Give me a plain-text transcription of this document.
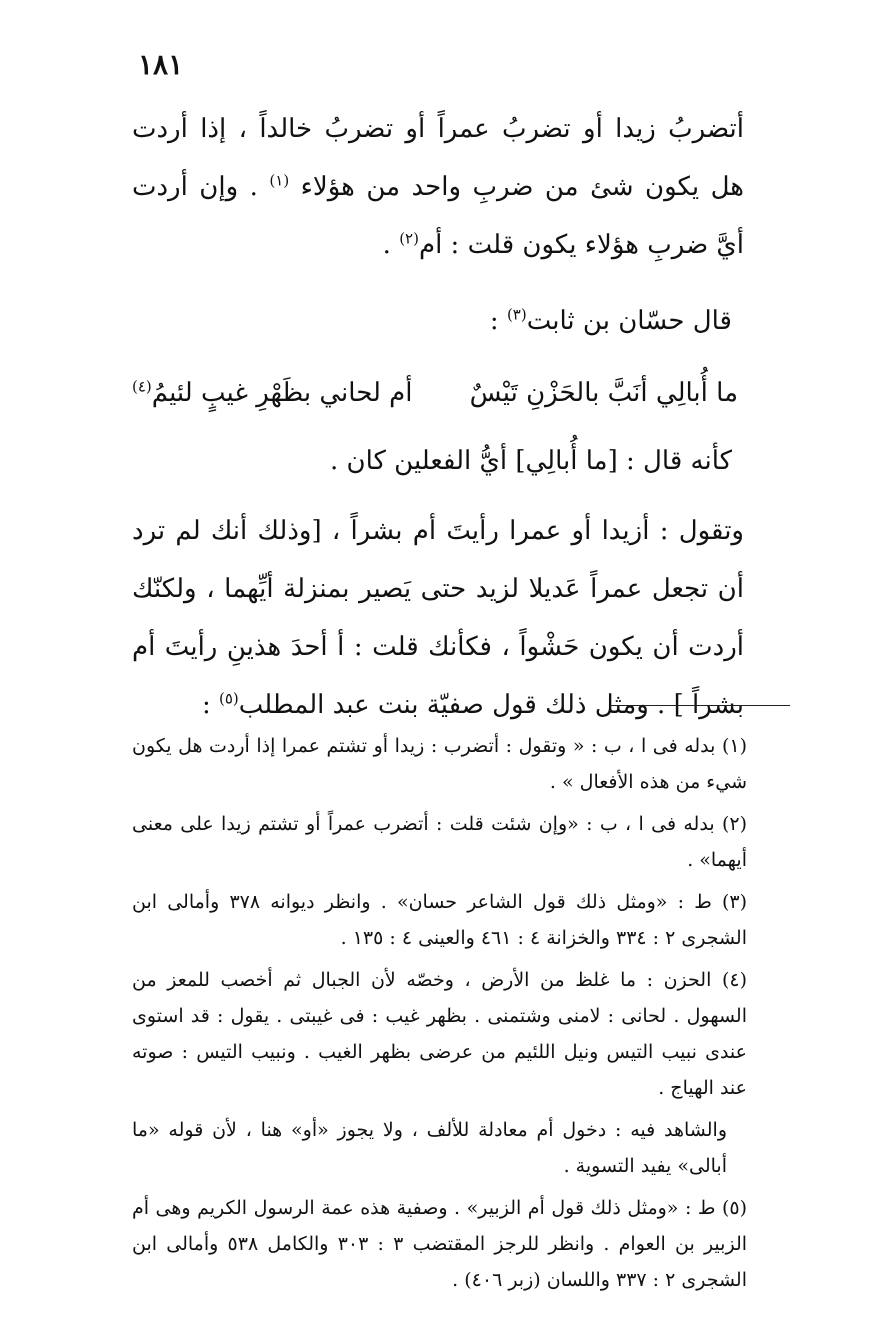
١٨١

أتضربُ زيدا أو تضربُ عمراً أو تضربُ خالداً ، إذا أردت هل يكون شئ من ضربِ واحد من هؤلاء $^{(١)}$ . وإن أردت أيَّ ضربِ هؤلاء يكون قلت : أم$^{(٢)}$ .

قال حسّان بن ثابت$^{(٣)}$ :

ما أُبالِي أنَبَّ بالحَزْنِ تَيْسٌ
أم لحاني بظَهْرِ غيبٍ لئيمُ$^{(٤)}$

كأنه قال : [ما أُبالِي] أيُّ الفعلين كان .

وتقول : أزيدا أو عمرا رأيتَ أم بشراً ، [وذلك أنك لم ترد أن تجعل عمراً عَديلا لزيد حتى يَصير بمنزلة أيِّهما ، ولكنّك أردت أن يكون حَشْواً ، فكأنك قلت : أ أحدَ هذينِ رأيتَ أم بشراً ] . ومثل ذلك قول صفيّة بنت عبد المطلب$^{(٥)}$ :

(١) بدله فى ا ، ب : « وتقول : أتضرب : زيدا أو تشتم عمرا إذا أردت هل يكون شيء من هذه الأفعال » .

(٢) بدله فى ا ، ب : «وإن شئت قلت : أتضرب عمراً أو تشتم زيدا على معنى أيهما» .

(٣) ط : «ومثل ذلك قول الشاعر حسان» . وانظر ديوانه ٣٧٨ وأمالى ابن الشجرى ٢ : ٣٣٤ والخزانة ٤ : ٤٦١ والعينى ٤ : ١٣٥ .

(٤) الحزن : ما غلظ من الأرض ، وخصّه لأن الجبال ثم أخصب للمعز من السهول . لحانى : لامنى وشتمنى . بظهر غيب : فى غيبتى . يقول : قد استوى عندى نبيب التيس ونيل اللئيم من عرضى بظهر الغيب . ونبيب التيس : صوته عند الهياج .

والشاهد فيه : دخول أم معادلة للألف ، ولا يجوز «أو» هنا ، لأن قوله «ما أبالى» يفيد التسوية .

(٥) ط : «ومثل ذلك قول أم الزبير» . وصفية هذه عمة الرسول الكريم وهى أم الزبير بن العوام . وانظر للرجز المقتضب ٣ : ٣٠٣ والكامل ٥٣٨ وأمالى ابن الشجرى ٢ : ٣٣٧ واللسان (زبر ٤٠٦) .
